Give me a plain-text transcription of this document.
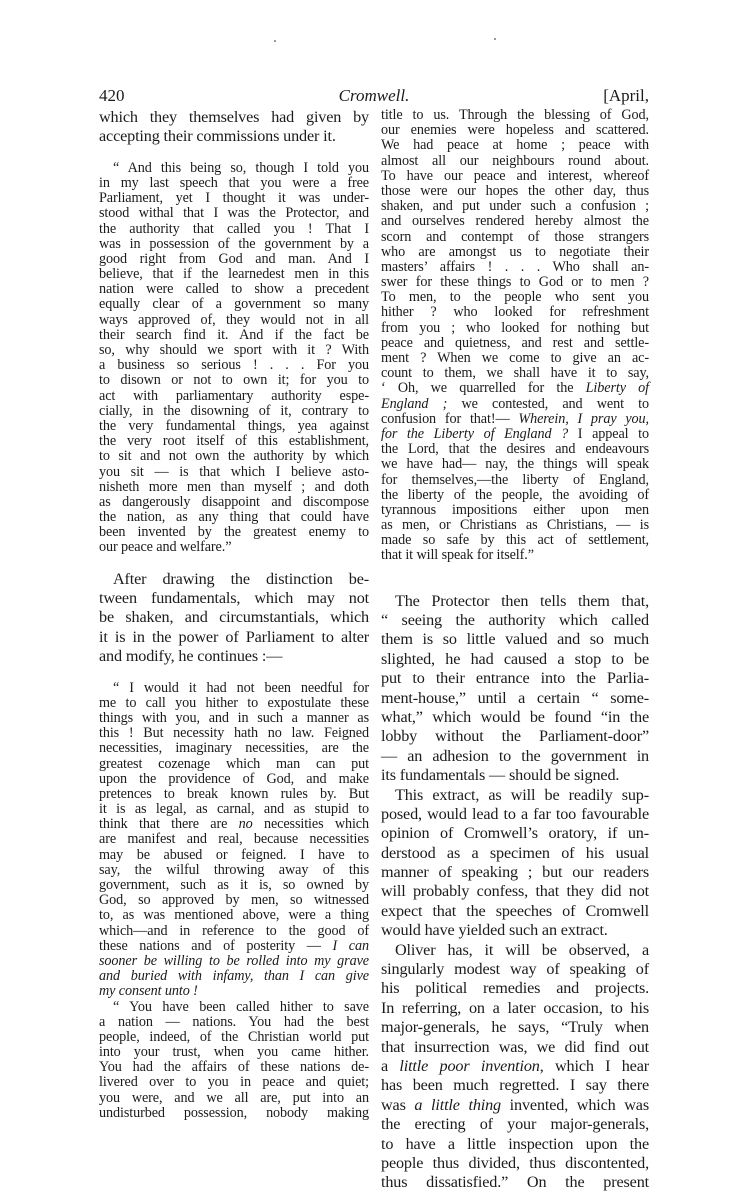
420	Cromwell.	[April,
which they themselves had given by
accepting their commissions under it.
“ And this being so, though I told you
in my last speech that you were a free
Parliament, yet I thought it was under-
stood withal that I was the Protector, and
the authority that called you ! That I
was in possession of the government by a
good right from God and man. And I
believe, that if the learnedest men in this
nation were called to show a precedent
equally clear of a government so many
ways approved of, they would not in all
their search find it. And if the fact be
so, why should we sport with it ? With
a business so serious ! . . . For you
to disown or not to own it; for you to
act with parliamentary authority espe-
cially, in the disowning of it, contrary to
the very fundamental things, yea against
the very root itself of this establishment,
to sit and not own the authority by which
you sit — is that which I believe asto-
nisheth more men than myself ; and doth
as dangerously disappoint and discompose
the nation, as any thing that could have
been invented by the greatest enemy to
our peace and welfare.”
After drawing the distinction be-
tween fundamentals, which may not
be shaken, and circumstantials, which
it is in the power of Parliament to alter
and modify, he continues :—
“ I would it had not been needful for
me to call you hither to expostulate these
things with you, and in such a manner as
this ! But necessity hath no law. Feigned
necessities, imaginary necessities, are the
greatest cozenage which man can put
upon the providence of God, and make
pretences to break known rules by. But
it is as legal, as carnal, and as stupid to
think that there are no necessities which
are manifest and real, because necessities
may be abused or feigned. I have to
say, the wilful throwing away of this
government, such as it is, so owned by
God, so approved by men, so witnessed
to, as was mentioned above, were a thing
which—and in reference to the good of
these nations and of posterity — I can
sooner be willing to be rolled into my grave
and buried with infamy, than I can give
my consent unto !
“ You have been called hither to save
a nation — nations. You had the best
people, indeed, of the Christian world put
into your trust, when you came hither.
You had the affairs of these nations de-
livered over to you in peace and quiet;
you were, and we all are, put into an
undisturbed possession, nobody making
title to us. Through the blessing of God,
our enemies were hopeless and scattered.
We had peace at home ; peace with
almost all our neighbours round about.
To have our peace and interest, whereof
those were our hopes the other day, thus
shaken, and put under such a confusion ;
and ourselves rendered hereby almost the
scorn and contempt of those strangers
who are amongst us to negotiate their
masters’ affairs ! . . . Who shall an-
swer for these things to God or to men ?
To men, to the people who sent you
hither ? who looked for refreshment
from you ; who looked for nothing but
peace and quietness, and rest and settle-
ment ? When we come to give an ac-
count to them, we shall have it to say,
‘ Oh, we quarrelled for the Liberty of
England ; we contested, and went to
confusion for that!— Wherein, I pray you,
for the Liberty of England ? I appeal to
the Lord, that the desires and endeavours
we have had— nay, the things will speak
for themselves,—the liberty of England,
the liberty of the people, the avoiding of
tyrannous impositions either upon men
as men, or Christians as Christians, — is
made so safe by this act of settlement,
that it will speak for itself.”
The Protector then tells them that,
“ seeing the authority which called
them is so little valued and so much
slighted, he had caused a stop to be
put to their entrance into the Parlia-
ment-house,” until a certain “ some-
what,” which would be found “in the
lobby without the Parliament-door”
— an adhesion to the government in
its fundamentals — should be signed.
This extract, as will be readily sup-
posed, would lead to a far too favourable
opinion of Cromwell’s oratory, if un-
derstood as a specimen of his usual
manner of speaking ; but our readers
will probably confess, that they did not
expect that the speeches of Cromwell
would have yielded such an extract.
Oliver has, it will be observed, a
singularly modest way of speaking of
his political remedies and projects.
In referring, on a later occasion, to his
major-generals, he says, “Truly when
that insurrection was, we did find out
a little poor invention, which I hear
has been much regretted. I say there
was a little thing invented, which was
the erecting of your major-generals,
to have a little inspection upon the
people thus divided, thus discontented,
thus dissatisfied.” On the present
